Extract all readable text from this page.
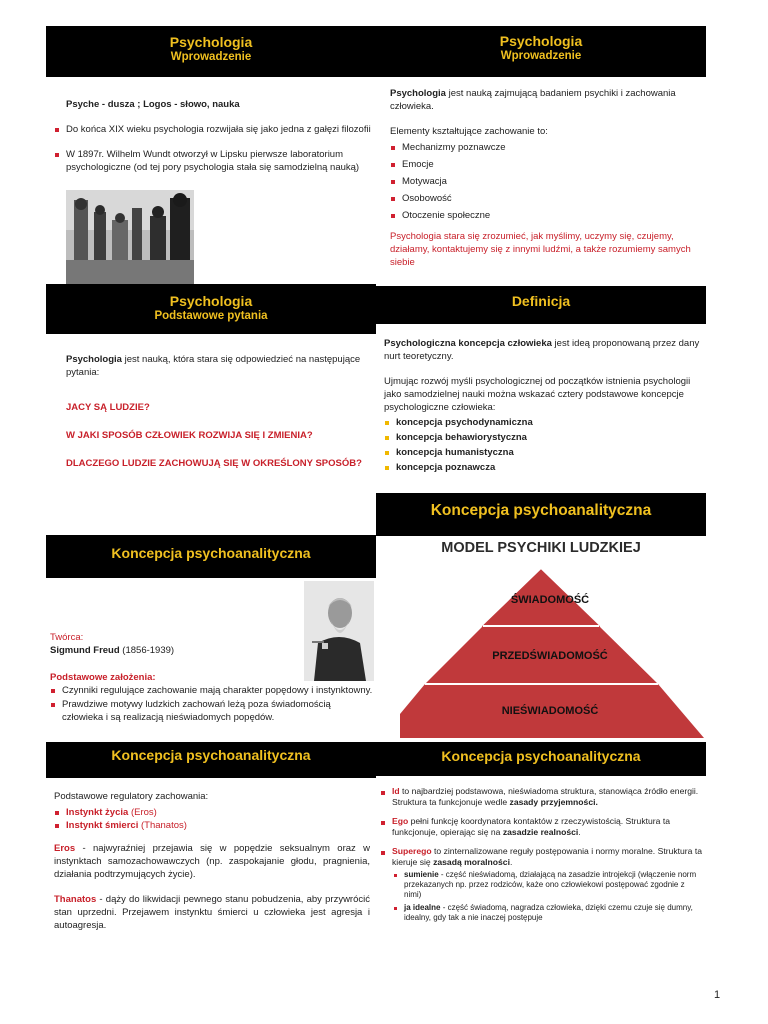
Psychologia
Wprowadzenie

Psyche - dusza ; Logos - słowo, nauka

Do końca XIX wieku psychologia rozwijała się jako jedna z gałęzi filozofii
W 1897r. Wilhelm Wundt otworzył w Lipsku pierwsze laboratorium psychologiczne (od tej pory psychologia stała się samodzielną nauką)
Psychologia
Wprowadzenie

Psychologia jest nauką zajmującą badaniem psychiki i zachowania człowieka.

Elementy kształtujące zachowanie to:

Mechanizmy poznawcze
Emocje
Motywacja
Osobowość
Otoczenie społeczne

Psychologia stara się zrozumieć, jak myślimy, uczymy się, czujemy, działamy, kontaktujemy się z innymi ludźmi, a także rozumiemy samych siebie

Psychologia
Podstawowe pytania

Psychologia jest nauką, która stara się odpowiedzieć na następujące pytania:

JACY SĄ LUDZIE?

W JAKI SPOSÓB CZŁOWIEK ROZWIJA SIĘ I ZMIENIA?

DLACZEGO LUDZIE ZACHOWUJĄ SIĘ W OKREŚLONY SPOSÓB?

Definicja

Psychologiczna koncepcja człowieka jest ideą proponowaną przez dany nurt teoretyczny.

Ujmując rozwój myśli psychologicznej od początków istnienia psychologii jako samodzielnej nauki można wskazać cztery podstawowe koncepcje psychologiczne człowieka:

koncepcja psychodynamiczna
koncepcja behawiorystyczna
koncepcja humanistyczna
koncepcja poznawcza
Koncepcja psychoanalityczna
Koncepcja psychoanalityczna

Twórca:

Sigmund Freud (1856-1939)

Podstawowe założenia:

Czynniki regulujące zachowanie mają charakter popędowy i instynktowny.
Prawdziwe motywy ludzkich zachowań leżą poza świadomością człowieka i są realizacją nieświadomych popędów.
MODEL PSYCHIKI LUDZKIEJ
ŚWIADOMOŚĆ
PRZEDŚWIADOMOŚĆ
NIEŚWIADOMOŚĆ
Koncepcja psychoanalityczna

Podstawowe regulatory zachowania:

Instynkt życia (Eros)
Instynkt śmierci (Thanatos)

Eros - najwyraźniej przejawia się w popędzie seksualnym oraz w instynktach samozachowawczych (np. zaspokajanie głodu, pragnienia, działania podtrzymujących życie).

Thanatos - dąży do likwidacji pewnego stanu pobudzenia, aby przywrócić stan uprzedni. Przejawem instynktu śmierci u człowieka jest agresja i autoagresja.

Koncepcja psychoanalityczna
Id to najbardziej podstawowa, nieświadoma struktura, stanowiąca źródło energii.
Struktura ta funkcjonuje wedle zasady przyjemności.
Ego pełni funkcję koordynatora kontaktów z rzeczywistością. Struktura ta funkcjonuje, opierając się na zasadzie realności.
Superego to zinternalizowane reguły postępowania i normy moralne. Struktura ta kieruje się zasadą moralności.
sumienie - część nieświadomą, działającą na zasadzie introjekcji (włączenie norm przekazanych np. przez rodziców, każe ono człowiekowi postępować zgodnie z nimi)
ja idealne - część świadomą, nagradza człowieka, dzięki czemu czuje się dumny, idealny, gdy tak a nie inaczej postępuje
1
